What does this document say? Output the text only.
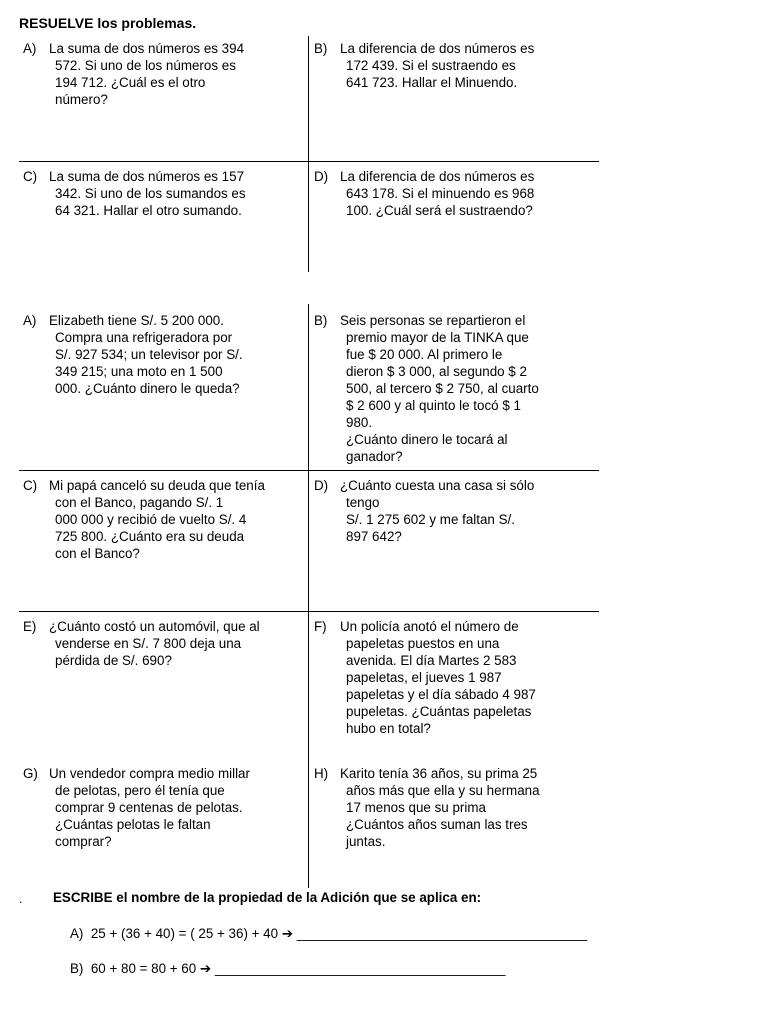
RESUELVE los problemas.
A) La suma de dos números es 394
572. Si uno de los números es
194 712. ¿Cuál es el otro
número?
B) La diferencia de dos números es
172 439. Si el sustraendo es
641 723. Hallar el Minuendo.
C) La suma de dos números es 157
342. Si uno de los sumandos es
64 321. Hallar el otro sumando.
D) La diferencia de dos números es
643 178. Si el minuendo es 968
100. ¿Cuál será el sustraendo?
A) Elizabeth tiene S/. 5 200 000.
Compra una refrigeradora por
S/. 927 534; un televisor por S/.
349 215; una moto en 1 500
000. ¿Cuánto dinero le queda?
B) Seis personas se repartieron el
premio mayor de la TINKA que
fue $ 20 000. Al primero le
dieron $ 3 000, al segundo $ 2
500, al tercero $ 2 750, al cuarto
$ 2 600 y al quinto le tocó $ 1
980.
¿Cuánto dinero le tocará al
ganador?
C) Mi papá canceló su deuda que tenía
con el Banco, pagando S/. 1
000 000 y recibió de vuelto S/. 4
725 800. ¿Cuánto era su deuda
con el Banco?
D) ¿Cuánto cuesta una casa si sólo
tengo
S/. 1 275 602 y me faltan S/.
897 642?
E) ¿Cuánto costó un automóvil, que al
venderse en S/. 7 800 deja una
pérdida de S/. 690?
F) Un policía anotó el número de
papeletas puestos en una
avenida. El día Martes 2 583
papeletas, el jueves 1 987
papeletas y el día sábado 4 987
pupeletas. ¿Cuántas papeletas
hubo en total?
G) Un vendedor compra medio millar
de pelotas, pero él tenía que
comprar 9 centenas de pelotas.
¿Cuántas pelotas le faltan
comprar?
H) Karito tenía 36 años, su prima 25
años más que ella y su hermana
17 menos que su prima
¿Cuántos años suman las tres
juntas.
. ESCRIBE el nombre de la propiedad de la Adición que se aplica en:
A) 25 + (36 + 40) = ( 25 + 36) + 40 ➔ _______________________________________
B) 60 + 80 = 80 + 60 ➔ _______________________________________
